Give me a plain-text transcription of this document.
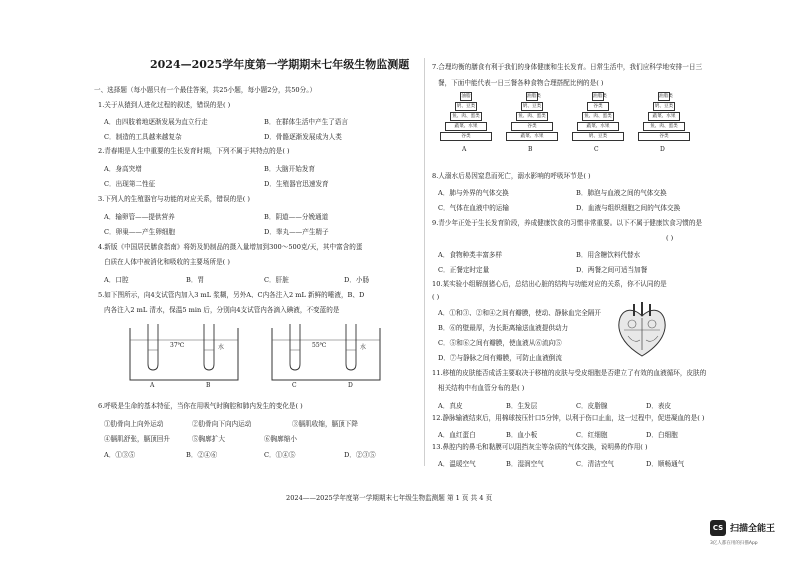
2024—2025学年度第一学期期末七年级生物监测题
一、选择题（每小题只有一个最佳答案，共25小题，每小题2分，共50分。）
1.关于从猿到人进化过程的叙述，错误的是( )
A．由四肢着地逐渐发展为直立行走	B．在群体生活中产生了语言
C．制造的工具越来越复杂	D．骨骼逐渐发展成为人类
2.青春期是人生中重要的生长发育时期，下列不属于其特点的是( )
A．身高突增	B．大脑开始发育
C．出现第二性征	D．生殖器官迅速发育
3.下列人的生殖器官与功能的对应关系，错误的是( )
A．输卵管——提供营养	B．阴道——分娩通道
C．卵巢——产生卵细胞	D．睾丸——产生精子
4.新版《中国居民膳食指南》将奶及奶制品的摄入量增加到300～500克/天，其中富含的蛋
白质在人体中被消化和吸收的主要场所是( )
A．口腔	B．胃	C．肝脏	D．小肠
5.如下图所示，向4支试管内加入3 mL 浆糊，另外A、C内各注入2 mL 新鲜的唾液，B、D
内各注入2 mL 清水，保温5 min 后，分别向4支试管内各滴入碘液，不变蓝的是
37℃	水	55℃	水
A	B	C	D
6.呼吸是生命的基本特征，当你在用吸气时胸腔和肺内发生的变化是( )
①肋骨向上向外运动	②肋骨向下向内运动	③膈肌收缩，膈顶下降
④膈肌舒张，膈顶回升	⑤胸廓扩大	⑥胸廓缩小
A．①③⑤	B．②④⑥	C．①④⑤	D．②③⑤
7.合理均衡的膳食有利于我们的身体健康和生长发育。日常生活中，我们应科学地安排一日三
餐，下面中能代表一日三餐各种食物合理搭配比例的是( )
油脂
奶、豆类
鱼、肉、蛋类
蔬菜、水果
谷类
A
油脂类
奶、豆类
鱼、肉、蛋类
谷类
蔬菜、水果
B
油脂类
谷类
鱼、肉、蛋类
蔬菜、水果
奶、豆类
C
油脂类
奶、豆类
蔬菜、水果
鱼、肉、蛋类
谷类
D
8.人溺水后易因窒息而死亡，溺水影响的呼吸环节是( )
A．肺与外界的气体交换	B．肺泡与血液之间的气体交换
C．气体在血液中的运输	D．血液与组织细胞之间的气体交换
9.青少年正处于生长发育阶段，养成健康饮食的习惯非常重要。以下不属于健康饮食习惯的是
( )
A．食物种类丰富多样	B．用含糖饮料代替水
C．正餐定时定量	D．两餐之间可适当加餐
10.某实验小组解剖猪心后，总结出心脏的结构与功能对应的关系，你不认同的是
( )
A．①和③、②和④之间有瓣膜，使动、静脉血完全隔开
B．⑥的壁最厚，为长距离输送血液提供动力
C．⑤和⑥之间有瓣膜，使血液从⑥流向⑤
D．⑦与静脉之间有瓣膜，可防止血液倒流
11.移植的皮肤能否成活主要取决于移植的皮肤与受皮细胞是否建立了有效的血液循环，皮肤的
相关结构中有血管分布的是( )
A．真皮	B．生发层	C．皮脂腺	D．表皮
12.静脉输液结束后，用棉球按压针口5分钟，以利于伤口止血，这一过程中，促进凝血的是( )
A．血红蛋白	B．血小板	C．红细胞	D．白细胞
13.鼻腔内的鼻毛和黏膜可以阻挡灰尘等杂质的气体交换，说明鼻的作用( )
A．温暖空气	B．湿润空气	C．清洁空气	D．顺畅通气
2024——2025学年度第一学期期末七年级生物监测题 第 1 页 共 4 页
CS 扫描全能王
3亿人都在用的扫描App
